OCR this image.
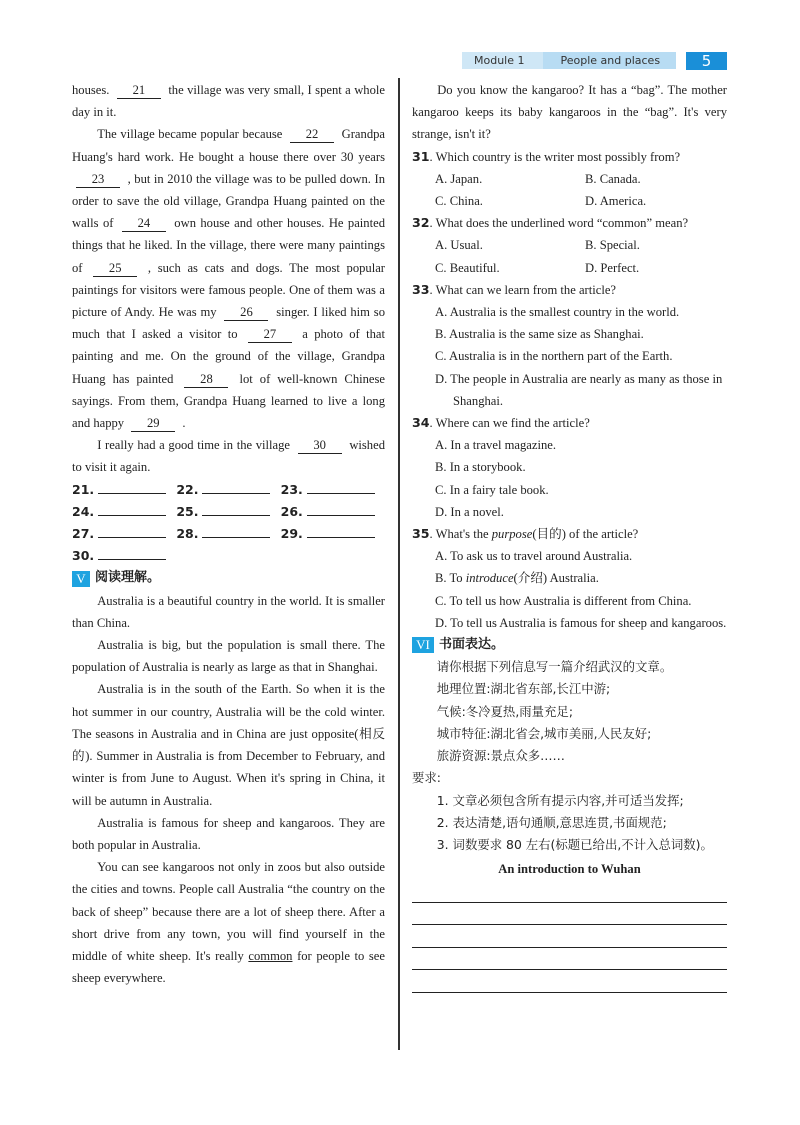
Module 1	People and places	5

houses. 21 the village was very small, I spent a whole day in it.

The village became popular because 22 Grandpa Huang's hard work. He bought a house there over 30 years 23 , but in 2010 the village was to be pulled down. In order to save the old village, Grandpa Huang painted on the walls of 24 own house and other houses. He painted things that he liked. In the village, there were many paintings of 25 , such as cats and dogs. The most popular paintings for visitors were famous people. One of them was a picture of Andy. He was my 26 singer. I liked him so much that I asked a visitor to 27 a photo of that painting and me. On the ground of the village, Grandpa Huang has painted 28 lot of well-known Chinese sayings. From them, Grandpa Huang learned to live a long and happy 29 .

I really had a good time in the village 30 wished to visit it again.

21.	22.	23.
24.	25.	26.
27.	28.	29.
30.
V 阅读理解。

Australia is a beautiful country in the world. It is smaller than China.

Australia is big, but the population is small there. The population of Australia is nearly as large as that in Shanghai.

Australia is in the south of the Earth. So when it is the hot summer in our country, Australia will be the cold winter. The seasons in Australia and in China are just opposite(相反的). Summer in Australia is from December to February, and winter is from June to August. When it's spring in China, it will be autumn in Australia.

Australia is famous for sheep and kangaroos. They are both popular in Australia.

You can see kangaroos not only in zoos but also outside the cities and towns. People call Australia “the country on the back of sheep” because there are a lot of sheep there. After a short drive from any town, you will find yourself in the middle of white sheep. It's really common for people to see sheep everywhere.

Do you know the kangaroo? It has a “bag”. The mother kangaroo keeps its baby kangaroos in the “bag”. It's very strange, isn't it?

31. Which country is the writer most possibly from?
A. Japan.	B. Canada.
C. China.	D. America.
32. What does the underlined word “common” mean?
A. Usual.	B. Special.
C. Beautiful.	D. Perfect.
33. What can we learn from the article?
A. Australia is the smallest country in the world.
B. Australia is the same size as Shanghai.
C. Australia is in the northern part of the Earth.
D. The people in Australia are nearly as many as those in Shanghai.
34. Where can we find the article?
A. In a travel magazine.
B. In a storybook.
C. In a fairy tale book.
D. In a novel.
35. What's the purpose(目的) of the article?
A. To ask us to travel around Australia.
B. To introduce(介绍) Australia.
C. To tell us how Australia is different from China.
D. To tell us Australia is famous for sheep and kangaroos.
VI 书面表达。

请你根据下列信息写一篇介绍武汉的文章。

地理位置:湖北省东部,长江中游;

气候:冬冷夏热,雨量充足;

城市特征:湖北省会,城市美丽,人民友好;

旅游资源:景点众多……

要求:

1. 文章必须包含所有提示内容,并可适当发挥;

2. 表达清楚,语句通顺,意思连贯,书面规范;

3. 词数要求 80 左右(标题已给出,不计入总词数)。

An introduction to Wuhan
